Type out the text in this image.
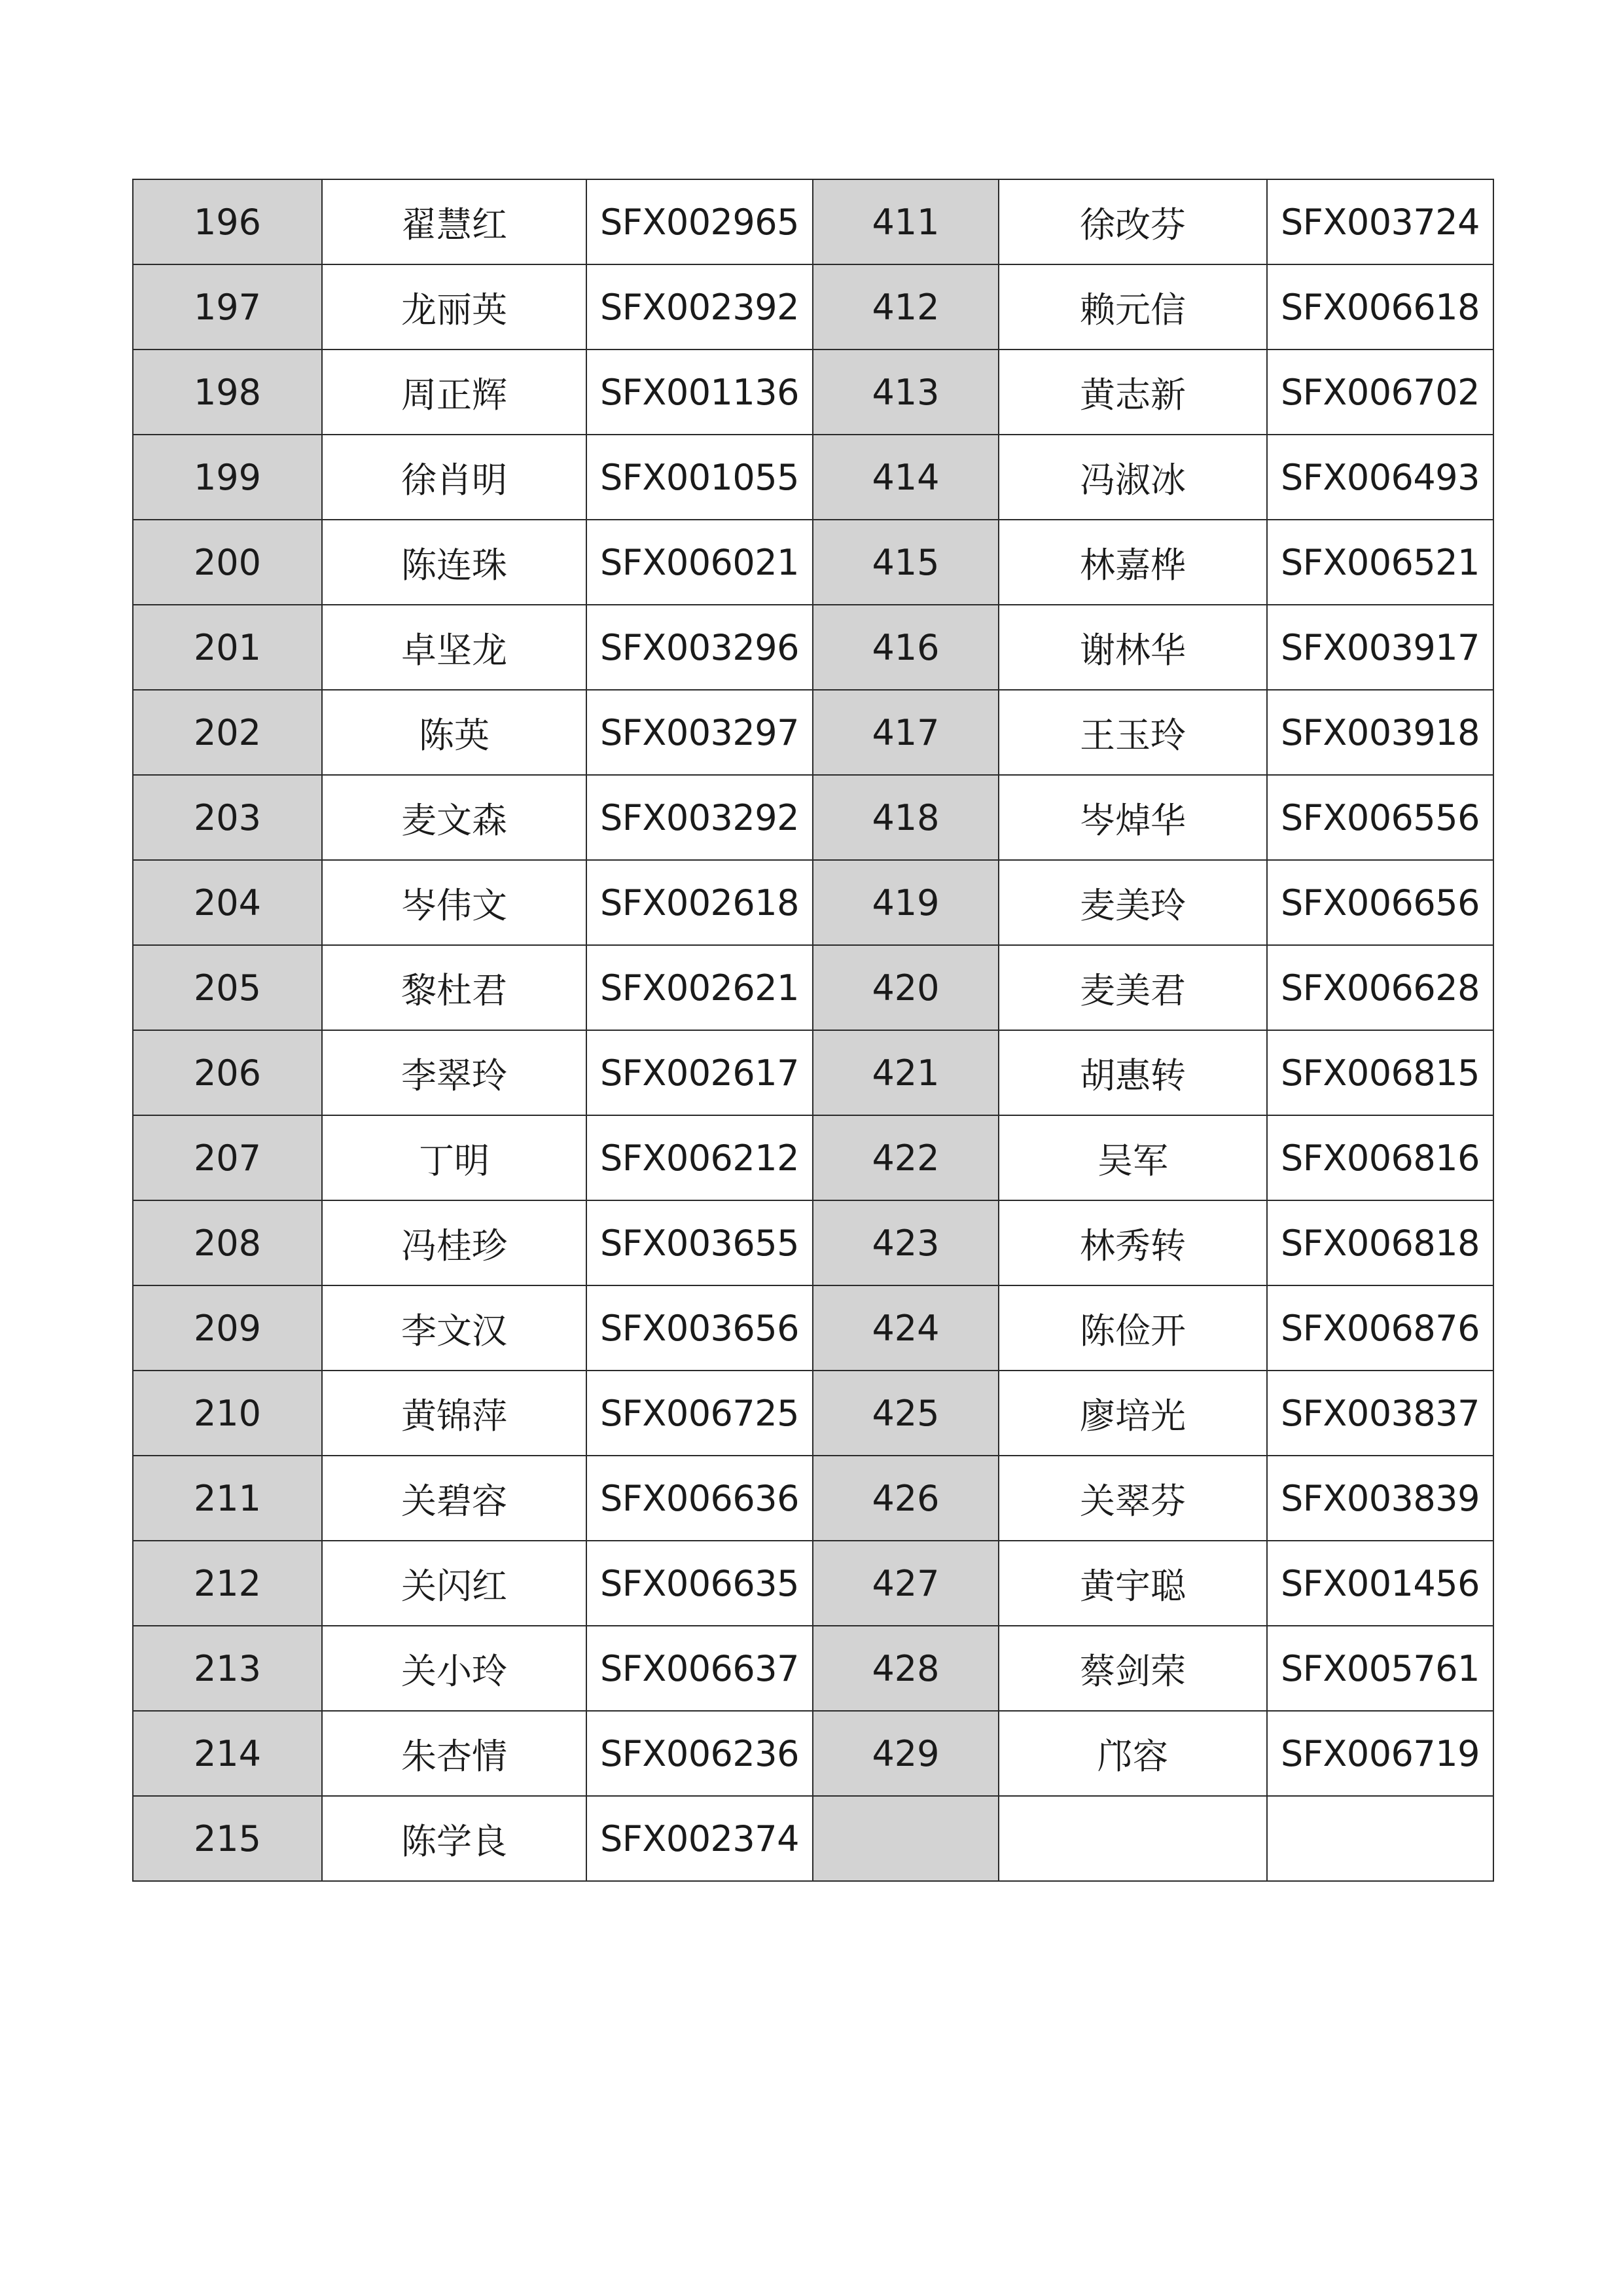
196	翟慧红	SFX002965	411	徐改芬	SFX003724
197	龙丽英	SFX002392	412	赖元信	SFX006618
198	周正辉	SFX001136	413	黄志新	SFX006702
199	徐肖明	SFX001055	414	冯淑冰	SFX006493
200	陈连珠	SFX006021	415	林嘉桦	SFX006521
201	卓坚龙	SFX003296	416	谢林华	SFX003917
202	陈英	SFX003297	417	王玉玲	SFX003918
203	麦文森	SFX003292	418	岑焯华	SFX006556
204	岑伟文	SFX002618	419	麦美玲	SFX006656
205	黎杜君	SFX002621	420	麦美君	SFX006628
206	李翠玲	SFX002617	421	胡惠转	SFX006815
207	丁明	SFX006212	422	吴军	SFX006816
208	冯桂珍	SFX003655	423	林秀转	SFX006818
209	李文汉	SFX003656	424	陈俭开	SFX006876
210	黄锦萍	SFX006725	425	廖培光	SFX003837
211	关碧容	SFX006636	426	关翠芬	SFX003839
212	关闪红	SFX006635	427	黄宇聪	SFX001456
213	关小玲	SFX006637	428	蔡剑荣	SFX005761
214	朱杏情	SFX006236	429	邝容	SFX006719
215	陈学良	SFX002374			
